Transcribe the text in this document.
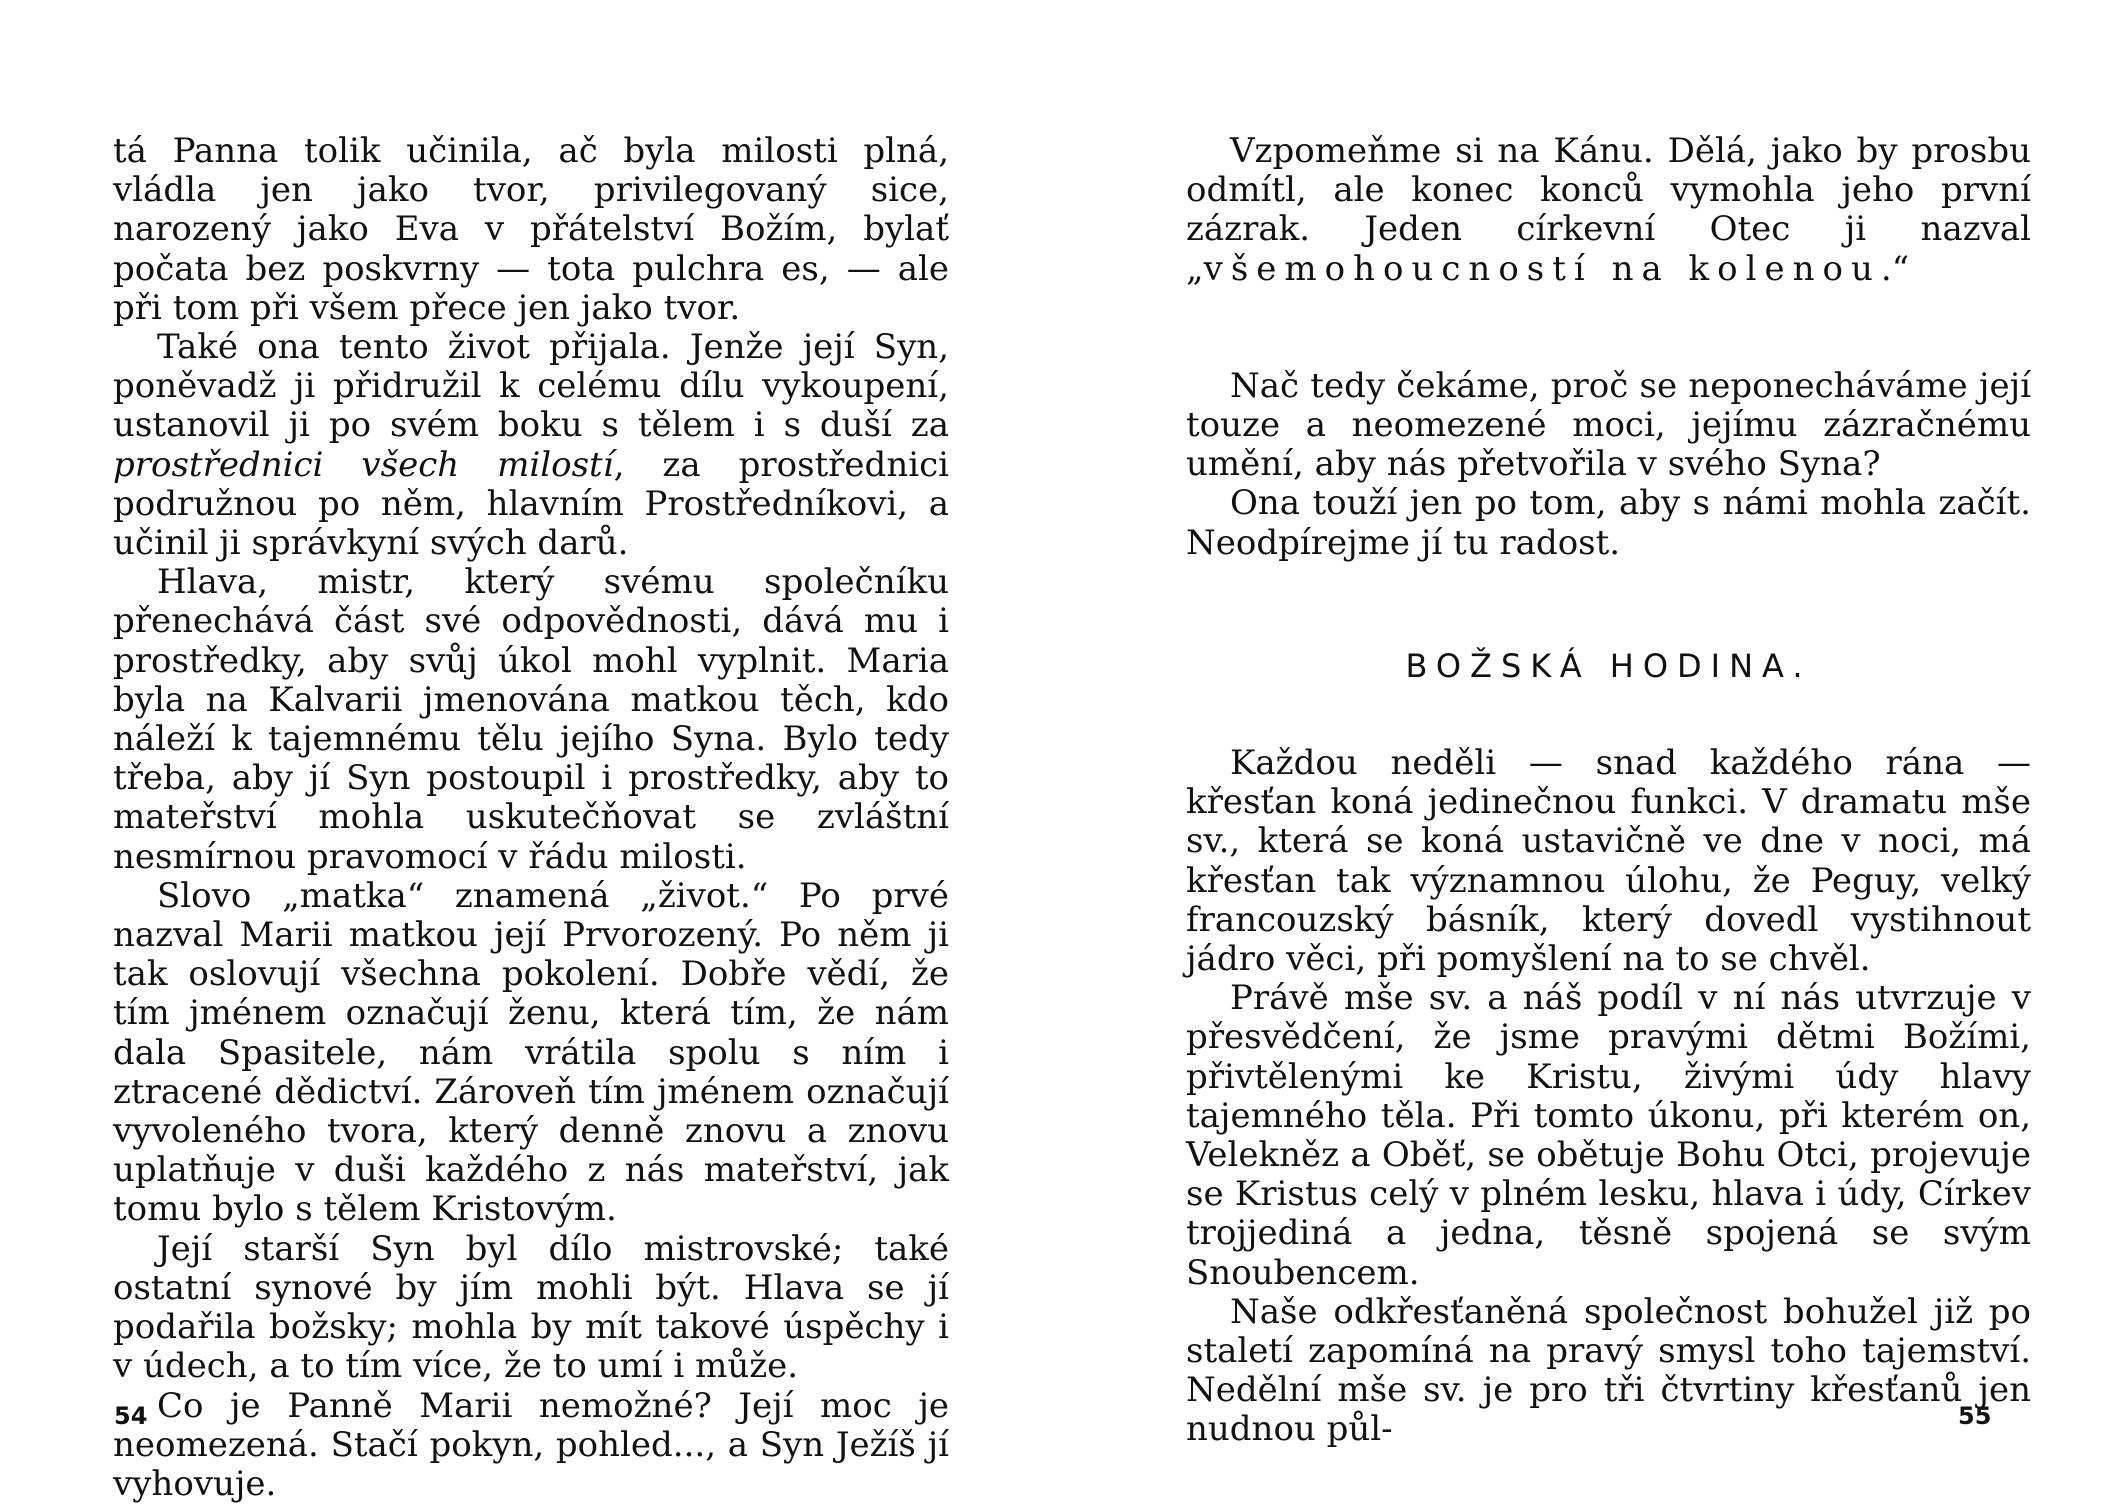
tá Panna tolik učinila, ač byla milosti plná, vládla jen jako tvor, privilegovaný sice, narozený jako Eva v přátelství Božím, bylať počata bez poskvrny — tota pulchra es, — ale při tom při všem přece jen jako tvor.

Také ona tento život přijala. Jenže její Syn, poněvadž ji přidružil k celému dílu vykoupení, ustanovil ji po svém boku s tělem i s duší za prostřednici všech milostí, za prostřednici podružnou po něm, hlavním Prostředníkovi, a učinil ji správkyní svých darů.

Hlava, mistr, který svému společníku přenechává část své odpovědnosti, dává mu i prostředky, aby svůj úkol mohl vyplnit. Maria byla na Kalvarii jmenována matkou těch, kdo náleží k tajemnému tělu jejího Syna. Bylo tedy třeba, aby jí Syn postoupil i prostředky, aby to mateřství mohla uskutečňovat se zvláštní nesmírnou pravomocí v řádu milosti.

Slovo „matka“ znamená „život.“ Po prvé nazval Marii matkou její Prvorozený. Po něm ji tak oslovují všechna pokolení. Dobře vědí, že tím jménem označují ženu, která tím, že nám dala Spasitele, nám vrátila spolu s ním i ztracené dědictví. Zároveň tím jménem označují vyvoleného tvora, který denně znovu a znovu uplatňuje v duši každého z nás mateřství, jak tomu bylo s tělem Kristovým.

Její starší Syn byl dílo mistrovské; také ostatní synové by jím mohli být. Hlava se jí podařila božsky; mohla by mít takové úspěchy i v údech, a to tím více, že to umí i může.

Co je Panně Marii nemožné? Její moc je neomezená. Stačí pokyn, pohled..., a Syn Ježíš jí vyhovuje.

54

Vzpomeňme si na Kánu. Dělá, jako by prosbu odmítl, ale konec konců vymohla jeho první zázrak. Jeden církevní Otec ji nazval „všemohoucností na kolenou.“

Nač tedy čekáme, proč se neponecháváme její touze a neomezené moci, jejímu zázračnému umění, aby nás přetvořila v svého Syna?

Ona touží jen po tom, aby s námi mohla začít. Neodpírejme jí tu radost.

BOŽSKÁ HODINA.

Každou neděli — snad každého rána — křesťan koná jedinečnou funkci. V dramatu mše sv., která se koná ustavičně ve dne v noci, má křesťan tak významnou úlohu, že Peguy, velký francouzský básník, který dovedl vystihnout jádro věci, při pomyšlení na to se chvěl.

Právě mše sv. a náš podíl v ní nás utvrzuje v přesvědčení, že jsme pravými dětmi Božími, přivtělenými ke Kristu, živými údy hlavy tajemného těla. Při tomto úkonu, při kterém on, Velekněz a Oběť, se obětuje Bohu Otci, projevuje se Kristus celý v plném lesku, hlava i údy, Církev trojjediná a jedna, těsně spojená se svým Snoubencem.

Naše odkřesťaněná společnost bohužel již po staletí zapomíná na pravý smysl toho tajemství. Nedělní mše sv. je pro tři čtvrtiny křesťanů jen nudnou půl-	55
